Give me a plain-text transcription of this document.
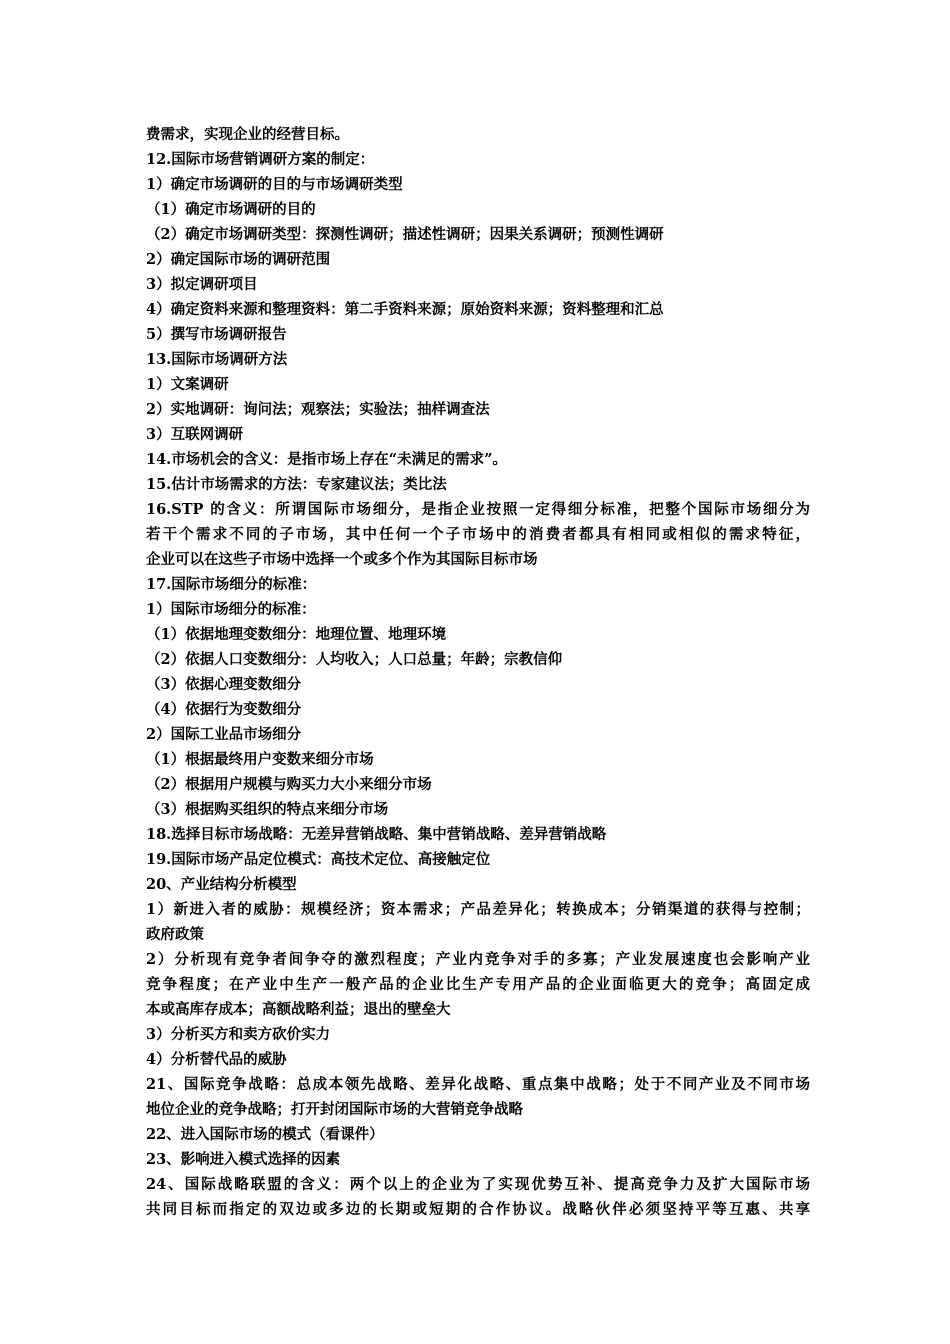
费需求，实现企业的经营目标。
12.国际市场营销调研方案的制定：
1）确定市场调研的目的与市场调研类型
（1）确定市场调研的目的
（2）确定市场调研类型：探测性调研；描述性调研；因果关系调研；预测性调研
2）确定国际市场的调研范围
3）拟定调研项目
4）确定资料来源和整理资料：第二手资料来源；原始资料来源；资料整理和汇总
5）撰写市场调研报告
13.国际市场调研方法
1）文案调研
2）实地调研：询问法；观察法；实验法；抽样调查法
3）互联网调研
14.市场机会的含义：是指市场上存在“未满足的需求”。
15.估计市场需求的方法：专家建议法；类比法
16.STP 的含义：所谓国际市场细分，是指企业按照一定得细分标准，把整个国际市场细分为
若干个需求不同的子市场，其中任何一个子市场中的消费者都具有相同或相似的需求特征，
企业可以在这些子市场中选择一个或多个作为其国际目标市场
17.国际市场细分的标准：
1）国际市场细分的标准：
（1）依据地理变数细分：地理位置、地理环境
（2）依据人口变数细分：人均收入；人口总量；年龄；宗教信仰
（3）依据心理变数细分
（4）依据行为变数细分
2）国际工业品市场细分
（1）根据最终用户变数来细分市场
（2）根据用户规模与购买力大小来细分市场
（3）根据购买组织的特点来细分市场
18.选择目标市场战略：无差异营销战略、集中营销战略、差异营销战略
19.国际市场产品定位模式：高技术定位、高接触定位
20、产业结构分析模型
1）新进入者的威胁：规模经济；资本需求；产品差异化；转换成本；分销渠道的获得与控制；
政府政策
2）分析现有竞争者间争夺的激烈程度；产业内竞争对手的多寡；产业发展速度也会影响产业
竞争程度；在产业中生产一般产品的企业比生产专用产品的企业面临更大的竞争；高固定成
本或高库存成本；高额战略利益；退出的壁垒大
3）分析买方和卖方砍价实力
4）分析替代品的威胁
21、国际竞争战略：总成本领先战略、差异化战略、重点集中战略；处于不同产业及不同市场
地位企业的竞争战略；打开封闭国际市场的大营销竞争战略
22、进入国际市场的模式（看课件）
23、影响进入模式选择的因素
24、国际战略联盟的含义：两个以上的企业为了实现优势互补、提高竞争力及扩大国际市场
共同目标而指定的双边或多边的长期或短期的合作协议。战略伙伴必须坚持平等互惠、共享
